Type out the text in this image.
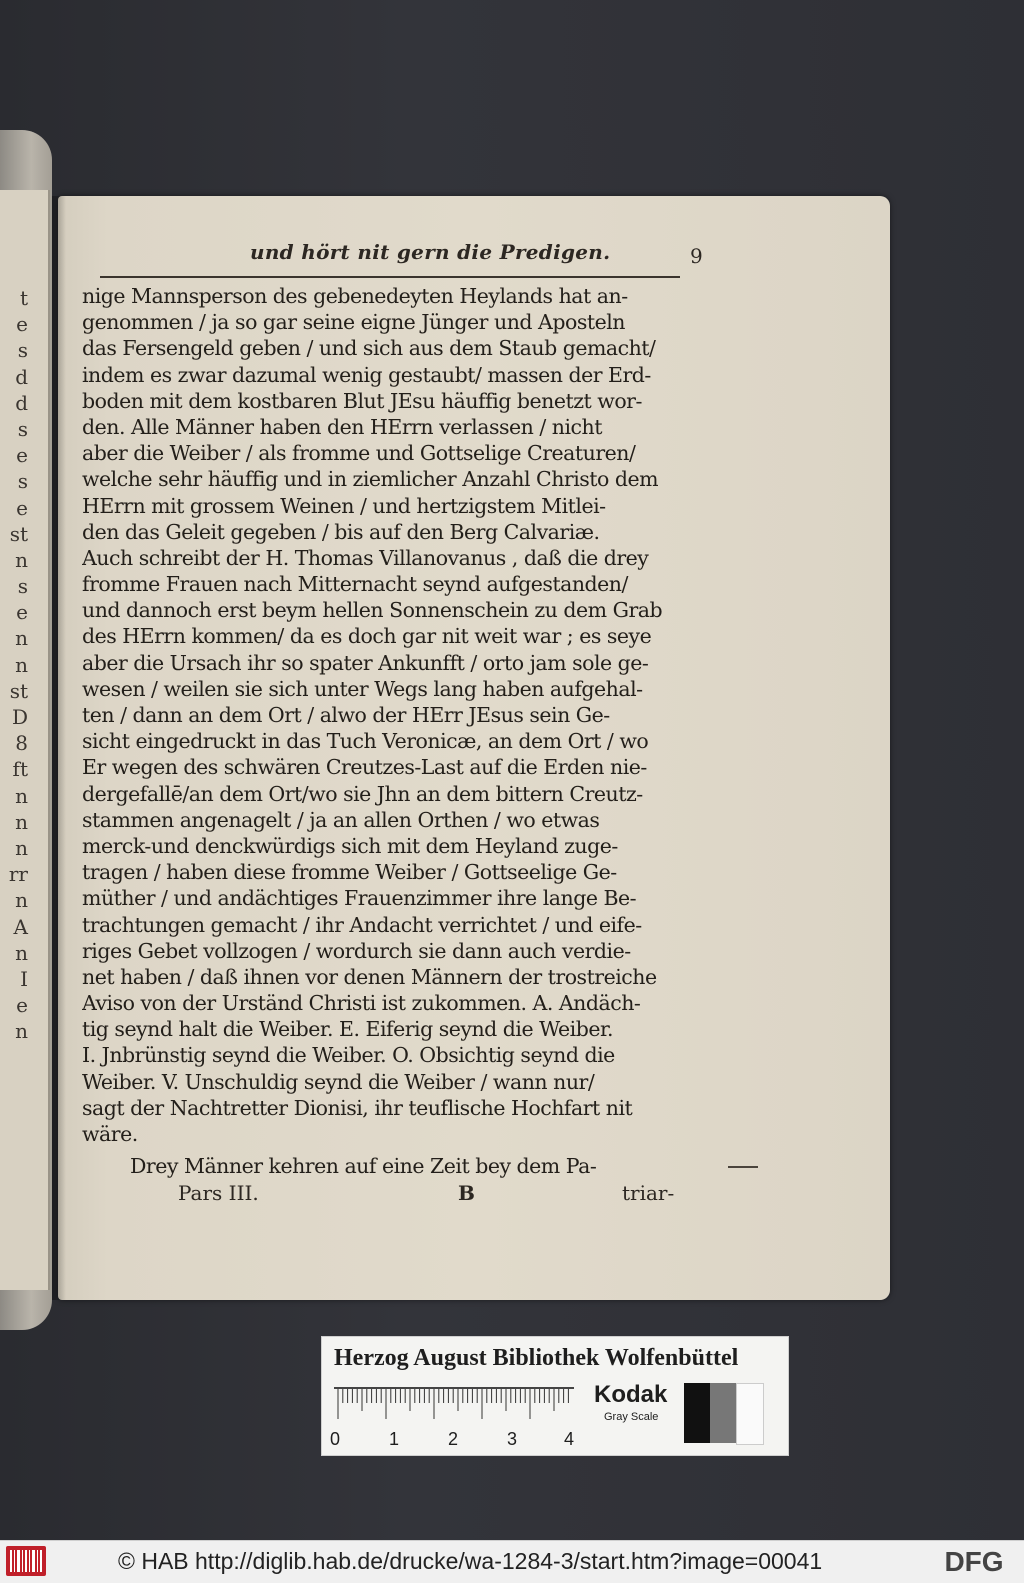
t
e
s
d
d
s
e
s
e
st
n
s
e
n
n
st
D
8
ft
n
n
n
rr
n
A
n
I
e
n
und hört nit gern die Predigen.	9
nige Mannsperson des gebenedeyten Heylands hat an-
genommen / ja so gar seine eigne Jünger und Aposteln
das Fersengeld geben / und sich aus dem Staub gemacht/
indem es zwar dazumal wenig gestaubt/ massen der Erd-
boden mit dem kostbaren Blut JEsu häuffig benetzt wor-
den. Alle Männer haben den HErrn verlassen / nicht
aber die Weiber / als fromme und Gottselige Creaturen/
welche sehr häuffig und in ziemlicher Anzahl Christo dem
HErrn mit grossem Weinen / und hertzigstem Mitlei-
den das Geleit gegeben / bis auf den Berg Calvariæ.
Auch schreibt der H. Thomas Villanovanus , daß die drey
fromme Frauen nach Mitternacht seynd aufgestanden/
und dannoch erst beym hellen Sonnenschein zu dem Grab
des HErrn kommen/ da es doch gar nit weit war ; es seye
aber die Ursach ihr so spater Ankunfft / orto jam sole ge-
wesen / weilen sie sich unter Wegs lang haben aufgehal-
ten / dann an dem Ort / alwo der HErr JEsus sein Ge-
sicht eingedruckt in das Tuch Veronicæ, an dem Ort / wo
Er wegen des schwären Creutzes-Last auf die Erden nie-
dergefallē/an dem Ort/wo sie Jhn an dem bittern Creutz-
stammen angenagelt / ja an allen Orthen / wo etwas
merck-und denckwürdigs sich mit dem Heyland zuge-
tragen / haben diese fromme Weiber / Gottseelige Ge-
müther / und andächtiges Frauenzimmer ihre lange Be-
trachtungen gemacht / ihr Andacht verrichtet / und eife-
riges Gebet vollzogen / wordurch sie dann auch verdie-
net haben / daß ihnen vor denen Männern der trostreiche
Aviso von der Urständ Christi ist zukommen. A. Andäch-
tig seynd halt die Weiber. E. Eiferig seynd die Weiber.
I. Jnbrünstig seynd die Weiber. O. Obsichtig seynd die
Weiber. V. Unschuldig seynd die Weiber / wann nur/
sagt der Nachtretter Dionisi, ihr teuflische Hochfart nit
wäre.
Drey Männer kehren auf eine Zeit bey dem Pa-
Pars III.	B	triar-
Herzog August Bibliothek Wolfenbüttel
0	1	2	3	4
Kodak
Gray Scale
© HAB http://diglib.hab.de/drucke/wa-1284-3/start.htm?image=00041	DFG
